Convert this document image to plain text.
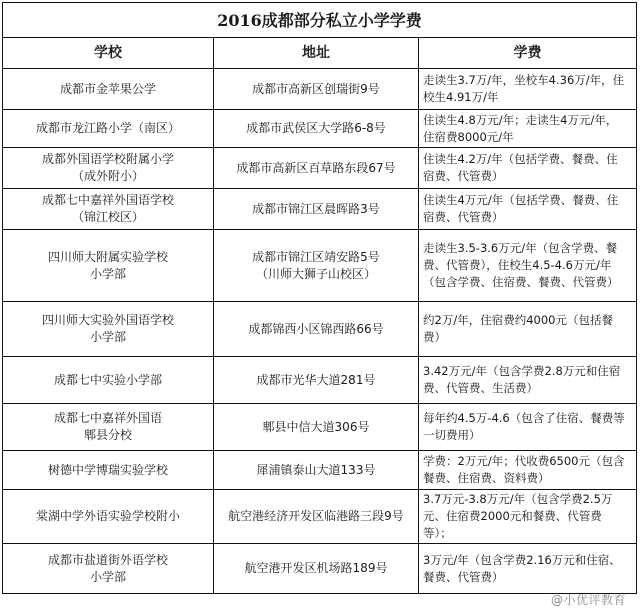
2016成都部分私立小学学费		
学校	地址	学费

成都市金苹果公学	成都市高新区创瑞街9号	走读生3.7万/年，坐校车4.36万/年，住校生4.91万/年

成都市龙江路小学（南区）	成都市武侯区大学路6-8号	住读生4.8万元/年；走读生4万元/年，住宿费8000元/年

成都外国语学校附属小学
（成外附小）	成都市高新区百草路东段67号	住读生4.2万/年（包括学费、餐费、住宿费、代管费）

成都七中嘉祥外国语学校
（锦江校区）	成都市锦江区晨晖路3号	住读生4万元/年（包括学费、餐费、住宿费、代管费）

四川师大附属实验学校
小学部	成都市锦江区靖安路5号
（川师大狮子山校区）	走读生3.5-3.6万元/年（包含学费、餐费、代管费），住校生4.5-4.6万元/年（包含学费、住宿费、餐费、代管费）

四川师大实验外国语学校
小学部	成都锦西小区锦西路66号	约2万/年，住宿费约4000元（包括餐费）

成都七中实验小学部	成都市光华大道281号	3.42万元/年（包含学费2.8万元和住宿费、代管费、生活费）

成都七中嘉祥外国语
郫县分校	郫县中信大道306号	每年约4.5万-4.6（包含了住宿、餐费等一切费用）

树德中学博瑞实验学校	犀浦镇泰山大道133号	学费：2万元/年；代收费6500元（包含餐费、住宿费、资料费）

棠湖中学外语实验学校附小	航空港经济开发区临港路三段9号	3.7万元-3.8万元/年（包含学费2.5万元、住宿费2000元和餐费、代管费等）；

成都市盐道街外语学校
小学部	航空港开发区机场路189号	3万元/年（包含学费2.16万元和住宿、餐费、代管费）
@小优评教育
